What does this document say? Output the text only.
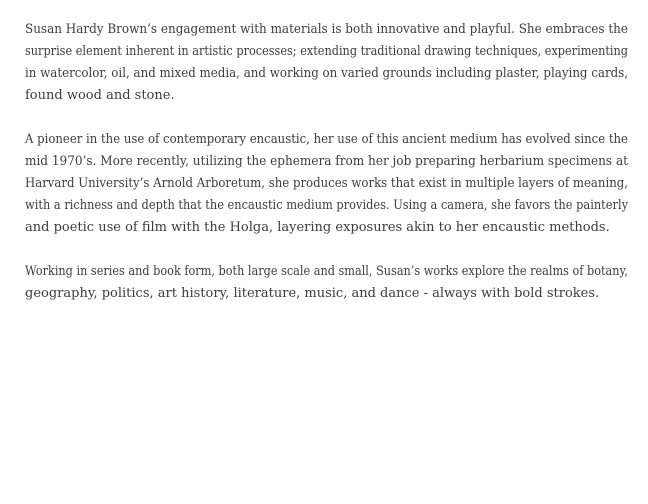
Susan Hardy Brown’s engagement with materials is both innovative and playful. She embraces the
surprise element inherent in artistic processes; extending traditional drawing techniques, experimenting
in watercolor, oil, and mixed media, and working on varied grounds including plaster, playing cards,
found wood and stone.

A pioneer in the use of contemporary encaustic, her use of this ancient medium has evolved since the
mid 1970’s. More recently, utilizing the ephemera from her job preparing herbarium specimens at
Harvard University’s Arnold Arboretum, she produces works that exist in multiple layers of meaning,
with a richness and depth that the encaustic medium provides. Using a camera, she favors the painterly
and poetic use of film with the Holga, layering exposures akin to her encaustic methods.

Working in series and book form, both large scale and small, Susan’s works explore the realms of botany,
geography, politics, art history, literature, music, and dance - always with bold strokes.
